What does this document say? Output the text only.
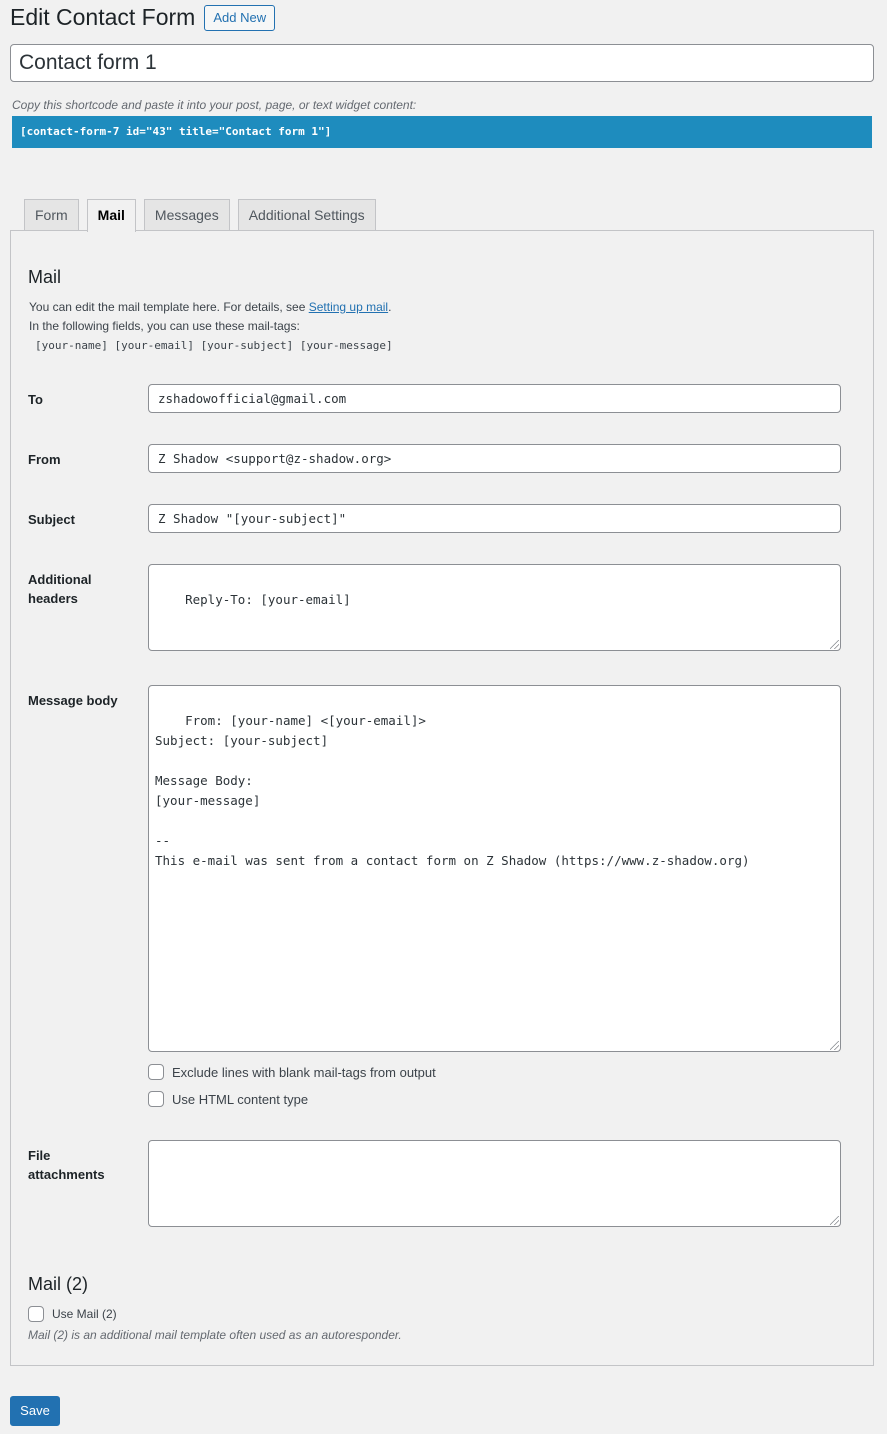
Edit Contact Form	Add New
Contact form 1
Copy this shortcode and paste it into your post, page, or text widget content:
[contact-form-7 id="43" title="Contact form 1"]
Form	Mail	Messages	Additional Settings
Mail
You can edit the mail template here. For details, see Setting up mail.
In the following fields, you can use these mail-tags:
[your-name] [your-email] [your-subject] [your-message]
To	zshadowofficial@gmail.com
From	Z Shadow <support@z-shadow.org>
Subject	Z Shadow "[your-subject]"
Additional headers	Reply-To: [your-email]

Message body

From: [your-name] <[your-email]>
Subject: [your-subject]

Message Body:
[your-message]

--
This e-mail was sent from a contact form on Z Shadow (https://www.z-shadow.org)

Exclude lines with blank mail-tags from output
Use HTML content type
File attachments

Mail (2)
Use Mail (2)
Mail (2) is an additional mail template often used as an autoresponder.
Save
